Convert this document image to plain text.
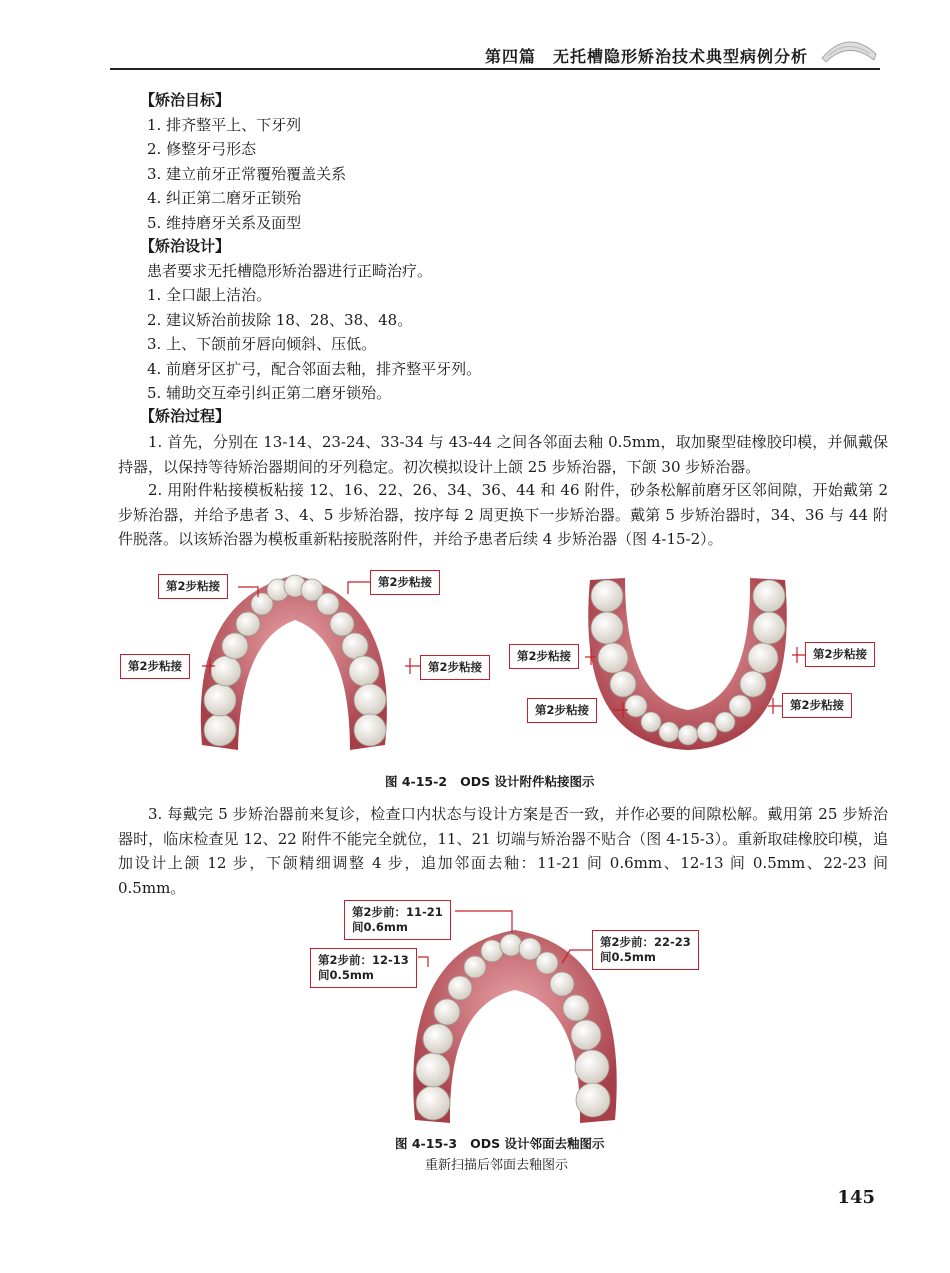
第四篇　无托槽隐形矫治技术典型病例分析
【矫治目标】
1. 排齐整平上、下牙列
2. 修整牙弓形态
3. 建立前牙正常覆殆覆盖关系
4. 纠正第二磨牙正锁殆
5. 维持磨牙关系及面型
【矫治设计】
患者要求无托槽隐形矫治器进行正畸治疗。
1. 全口龈上洁治。
2. 建议矫治前拔除 18、28、38、48。
3. 上、下颌前牙唇向倾斜、压低。
4. 前磨牙区扩弓，配合邻面去釉，排齐整平牙列。
5. 辅助交互牵引纠正第二磨牙锁殆。
【矫治过程】

1. 首先，分别在 13-14、23-24、33-34 与 43-44 之间各邻面去釉 0.5mm，取加聚型硅橡胶印模，并佩戴保持器，以保持等待矫治器期间的牙列稳定。初次模拟设计上颌 25 步矫治器，下颌 30 步矫治器。

2. 用附件粘接模板粘接 12、16、22、26、34、36、44 和 46 附件，砂条松解前磨牙区邻间隙，开始戴第 2 步矫治器，并给予患者 3、4、5 步矫治器，按序每 2 周更换下一步矫治器。戴第 5 步矫治器时，34、36 与 44 附件脱落。以该矫治器为模板重新粘接脱落附件，并给予患者后续 4 步矫治器（图 4-15-2）。

第2步粘接	第2步粘接
第2步粘接	第2步粘接
第2步粘接	第2步粘接
第2步粘接	第2步粘接
图 4-15-2 ODS 设计附件粘接图示

3. 每戴完 5 步矫治器前来复诊，检查口内状态与设计方案是否一致，并作必要的间隙松解。戴用第 25 步矫治器时，临床检查见 12、22 附件不能完全就位，11、21 切端与矫治器不贴合（图 4-15-3）。重新取硅橡胶印模，追加设计上颌 12 步，下颌精细调整 4 步，追加邻面去釉：11-21 间 0.6mm、12-13 间 0.5mm、22-23 间 0.5mm。

第2步前：11-21
间0.6mm
第2步前：22-23
间0.5mm
第2步前：12-13
间0.5mm
图 4-15-3 ODS 设计邻面去釉图示
重新扫描后邻面去釉图示
145
